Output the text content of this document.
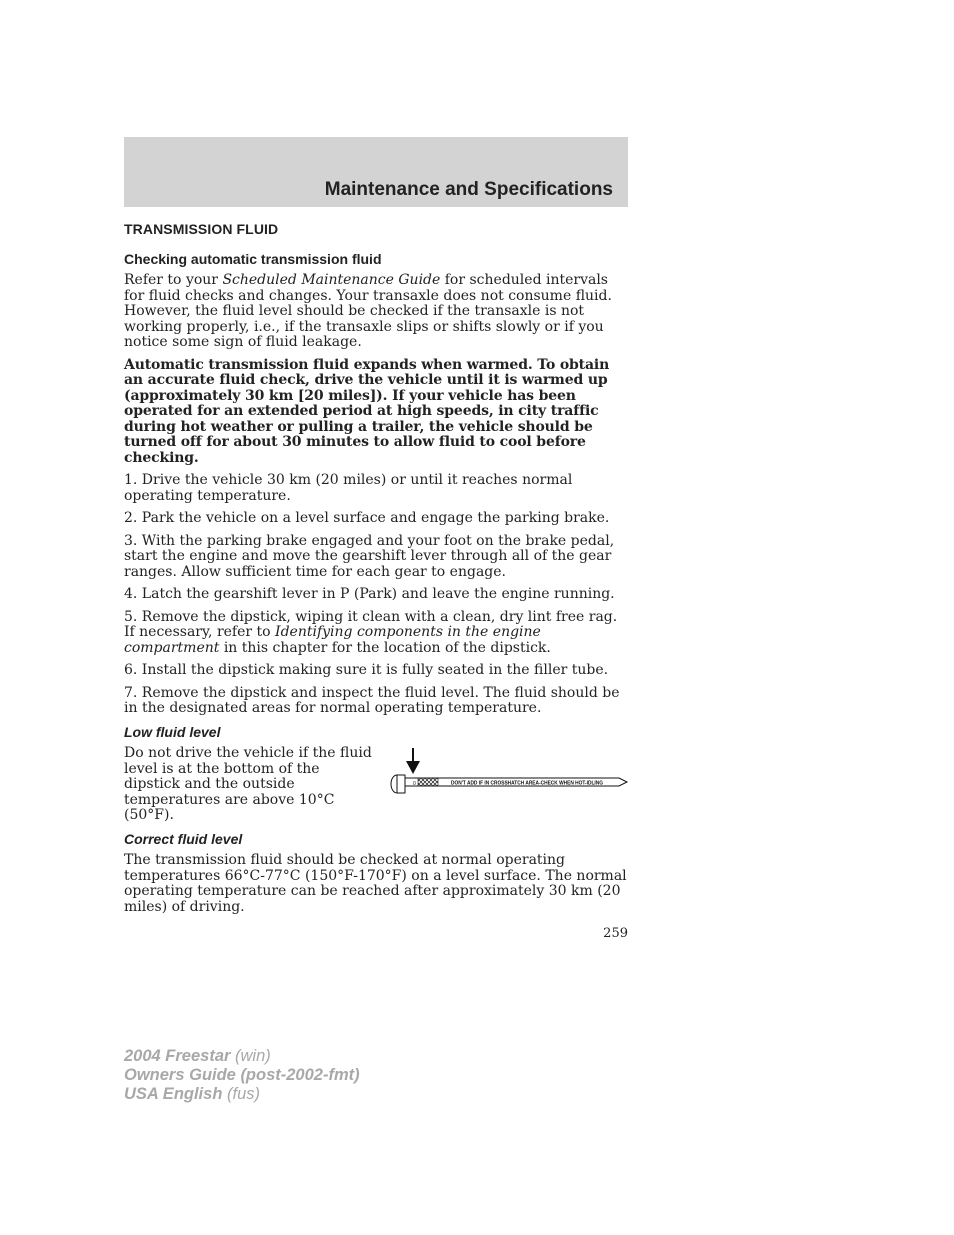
Maintenance and Specifications
TRANSMISSION FLUID
Checking automatic transmission fluid

Refer to your Scheduled Maintenance Guide for scheduled intervals for fluid checks and changes. Your transaxle does not consume fluid. However, the fluid level should be checked if the transaxle is not working properly, i.e., if the transaxle slips or shifts slowly or if you notice some sign of fluid leakage.

Automatic transmission fluid expands when warmed. To obtain an accurate fluid check, drive the vehicle until it is warmed up (approximately 30 km [20 miles]). If your vehicle has been operated for an extended period at high speeds, in city traffic during hot weather or pulling a trailer, the vehicle should be turned off for about 30 minutes to allow fluid to cool before checking.

1. Drive the vehicle 30 km (20 miles) or until it reaches normal operating temperature.

2. Park the vehicle on a level surface and engage the parking brake.

3. With the parking brake engaged and your foot on the brake pedal, start the engine and move the gearshift lever through all of the gear ranges. Allow sufficient time for each gear to engage.

4. Latch the gearshift lever in P (Park) and leave the engine running.

5. Remove the dipstick, wiping it clean with a clean, dry lint free rag. If necessary, refer to Identifying components in the engine compartment in this chapter for the location of the dipstick.

6. Install the dipstick making sure it is fully seated in the filler tube.

7. Remove the dipstick and inspect the fluid level. The fluid should be in the designated areas for normal operating temperature.

Low fluid level

Do not drive the vehicle if the fluid level is at the bottom of the dipstick and the outside temperatures are above 10°C (50°F).

0	DON'T ADD IF IN CROSSHATCH AREA-CHECK WHEN HOT-IDLING
Correct fluid level

The transmission fluid should be checked at normal operating temperatures 66°C-77°C (150°F-170°F) on a level surface. The normal operating temperature can be reached after approximately 30 km (20 miles) of driving.

259
2004 Freestar (win)
Owners Guide (post-2002-fmt)
USA English (fus)
